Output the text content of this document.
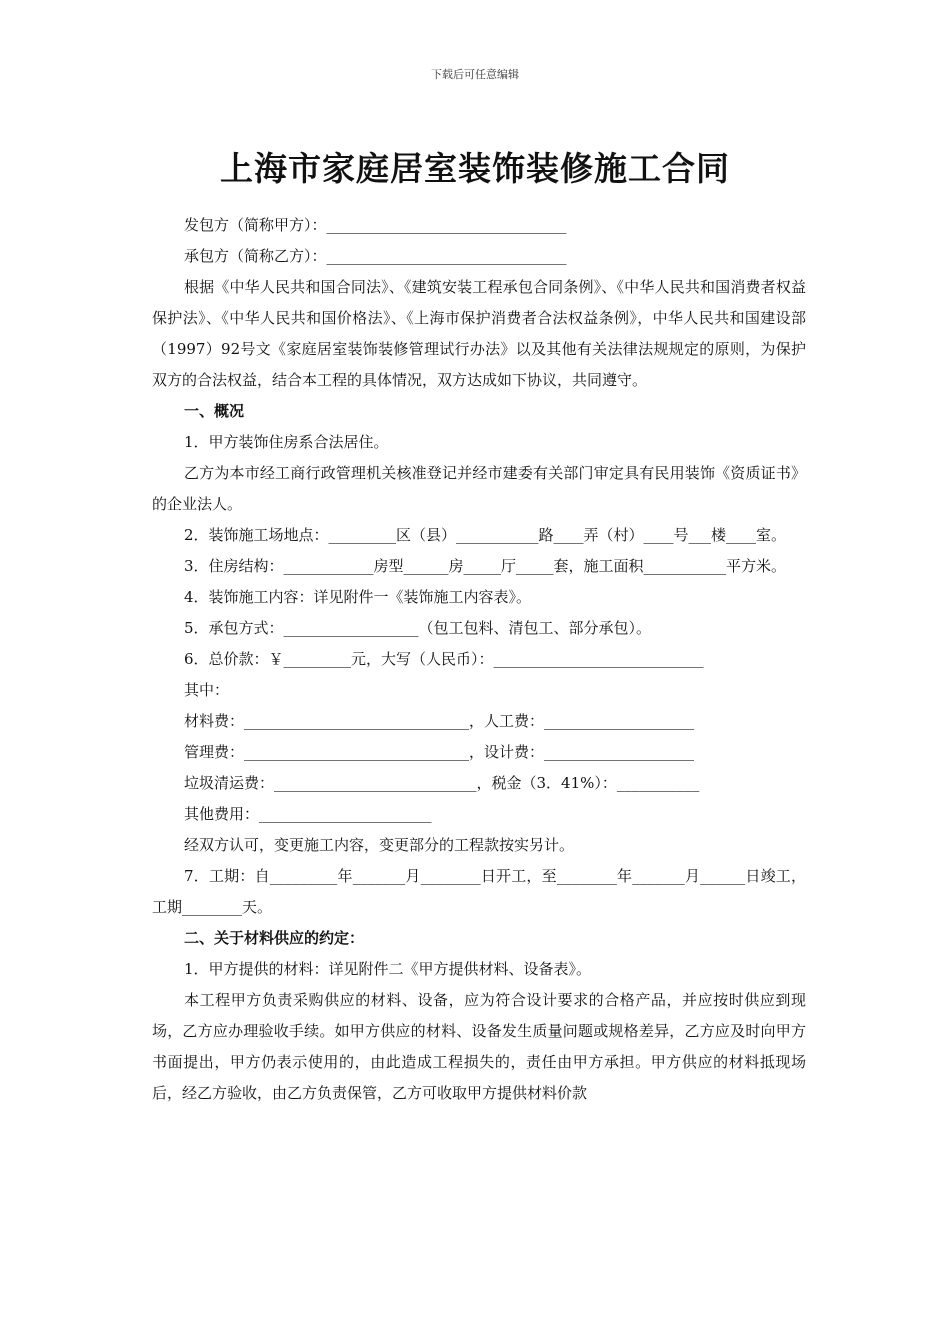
下载后可任意编辑
上海市家庭居室装饰装修施工合同

发包方（简称甲方）：________________________________

承包方（简称乙方）：________________________________

根据《中华人民共和国合同法》、《建筑安装工程承包合同条例》、《中华人民共和国消费者权益保护法》、《中华人民共和国价格法》、《上海市保护消费者合法权益条例》，中华人民共和国建设部（1997）92号文《家庭居室装饰装修管理试行办法》以及其他有关法律法规规定的原则，为保护双方的合法权益，结合本工程的具体情况，双方达成如下协议，共同遵守。

一、概况

1．甲方装饰住房系合法居住。

乙方为本市经工商行政管理机关核准登记并经市建委有关部门审定具有民用装饰《资质证书》的企业法人。

2．装饰施工场地点：_________区（县）___________路____弄（村）____号___楼____室。

3．住房结构：____________房型______房_____厅_____套，施工面积___________平方米。

4．装饰施工内容：详见附件一《装饰施工内容表》。

5．承包方式：__________________（包工包料、清包工、部分承包）。

6．总价款：￥_________元，大写（人民币）：____________________________

其中：

材料费：______________________________，人工费：____________________

管理费：______________________________，设计费：____________________

垃圾清运费：___________________________，税金（3．41%）：___________

其他费用：_______________________

经双方认可，变更施工内容，变更部分的工程款按实另计。

7．工期：自_________年_______月________日开工，至________年_______月______日竣工，工期________天。

二、关于材料供应的约定：

1．甲方提供的材料：详见附件二《甲方提供材料、设备表》。

本工程甲方负责采购供应的材料、设备，应为符合设计要求的合格产品，并应按时供应到现场，乙方应办理验收手续。如甲方供应的材料、设备发生质量问题或规格差异，乙方应及时向甲方书面提出，甲方仍表示使用的，由此造成工程损失的，责任由甲方承担。甲方供应的材料抵现场后，经乙方验收，由乙方负责保管，乙方可收取甲方提供材料价款
